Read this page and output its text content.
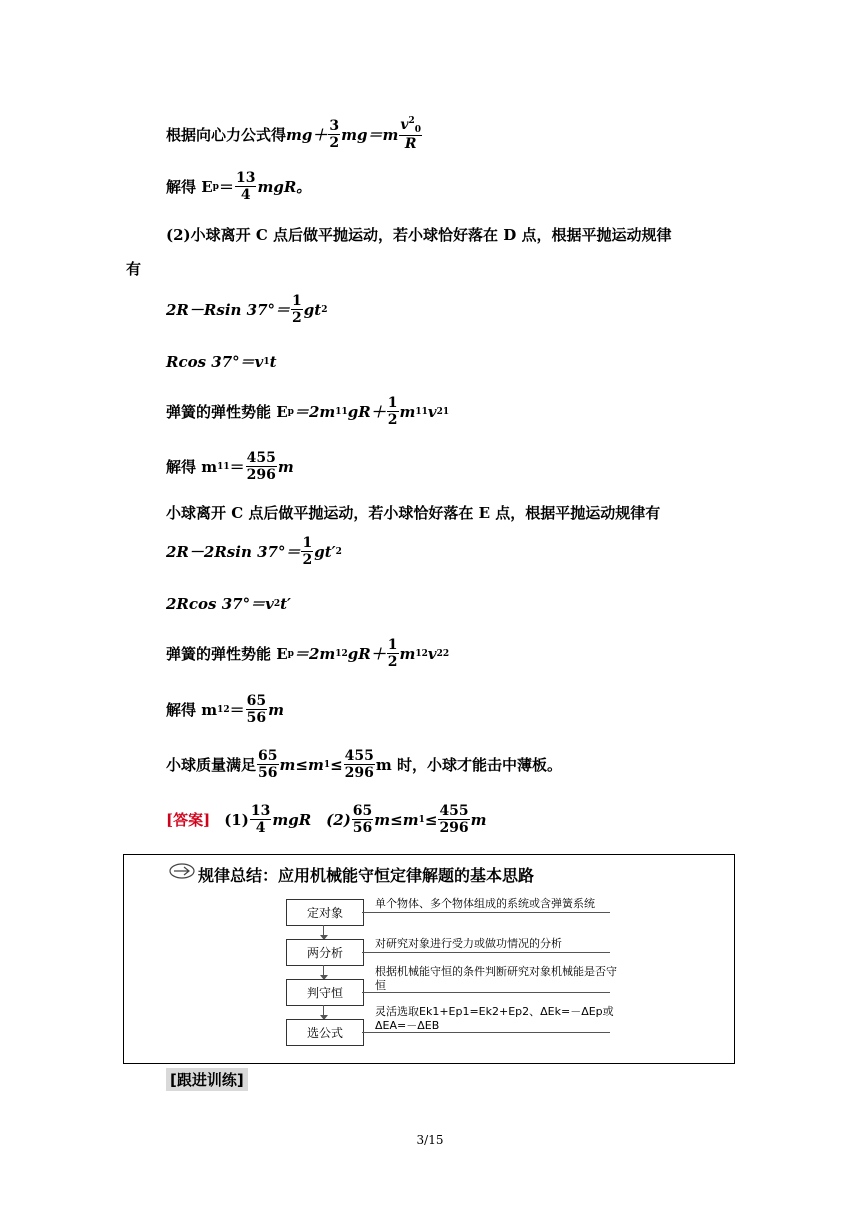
根据向心力公式得 $mg+ \frac{3}{2} mg=m \frac{v^2_0}{R}$
解得 E $p = \frac{13}{4}$ mgR。
(2)小球离开 C 点后做平抛运动，若小球恰好落在 D 点，根据平抛运动规律
有
2R－Rsin $37^\circ= \frac{1}{2}$ gt 2
Rcos 37°＝v 1 t
弹簧的弹性势能 E p ＝2m 11 $gR+ \frac{1}{2}$ m 11 v 2 1
解得 m $11 = \frac{455}{296}$ m
小球离开 C 点后做平抛运动，若小球恰好落在 E 点，根据平抛运动规律有
2R－2Rsin $37^\circ= \frac{1}{2} gt'$ 2
2Rcos 37°＝v 2 t′
弹簧的弹性势能 E p ＝2m 12 $gR+ \frac{1}{2}$ m 12 v 2 2
解得 m $12 = \frac{65}{56}$ m
小球质量满足 $\frac{65}{56} m\le m$ $1 \le \frac{455}{296}$ m 时，小球才能击中薄板。
[答案] $(1) \frac{13}{4}$ mgR　$(2) \frac{65}{56} m\le m$ $1 \le \frac{455}{296}$ m
规律总结：应用机械能守恒定律解题的基本思路
定对象
单个物体、多个物体组成的系统或含弹簧系统
两分析
对研究对象进行受力或做功情况的分析
判守恒
根据机械能守恒的条件判断研究对象机械能是否守恒
选公式
灵活选取Ek1+Ep1=Ek2+Ep2、ΔEk=－ΔEp或ΔEA=－ΔEB
[跟进训练]
3/15
